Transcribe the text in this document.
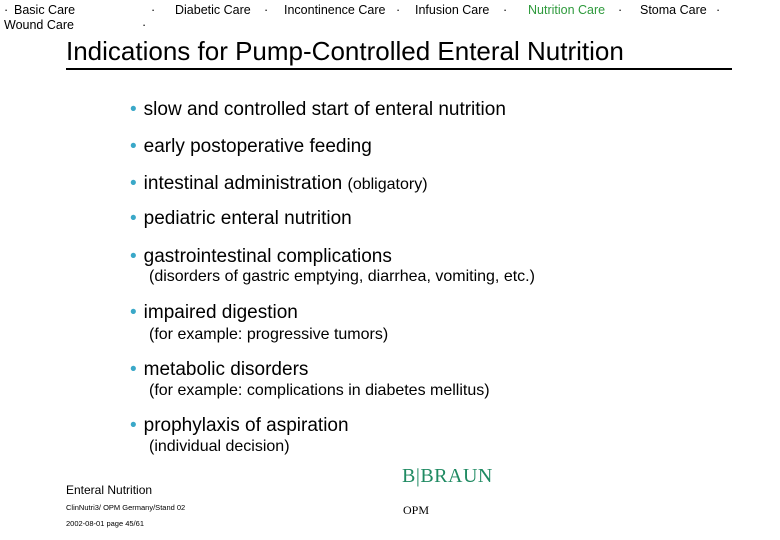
· Basic Care	· Diabetic Care · Incontinence Care · Infusion Care · Nutrition Care · Stoma Care ·
Wound Care	·
Indications for Pump-Controlled Enteral Nutrition
• slow and controlled start of enteral nutrition
• early postoperative feeding
• intestinal administration (obligatory)
• pediatric enteral nutrition
• gastrointestinal complications
(disorders of gastric emptying, diarrhea, vomiting, etc.)
• impaired digestion
(for example: progressive tumors)
• metabolic disorders
(for example: complications in diabetes mellitus)
• prophylaxis of aspiration
(individual decision)
Enteral Nutrition
ClinNutri3/ OPM Germany/Stand 02
2002-08-01 page 45/61
B|BRAUN
OPM
